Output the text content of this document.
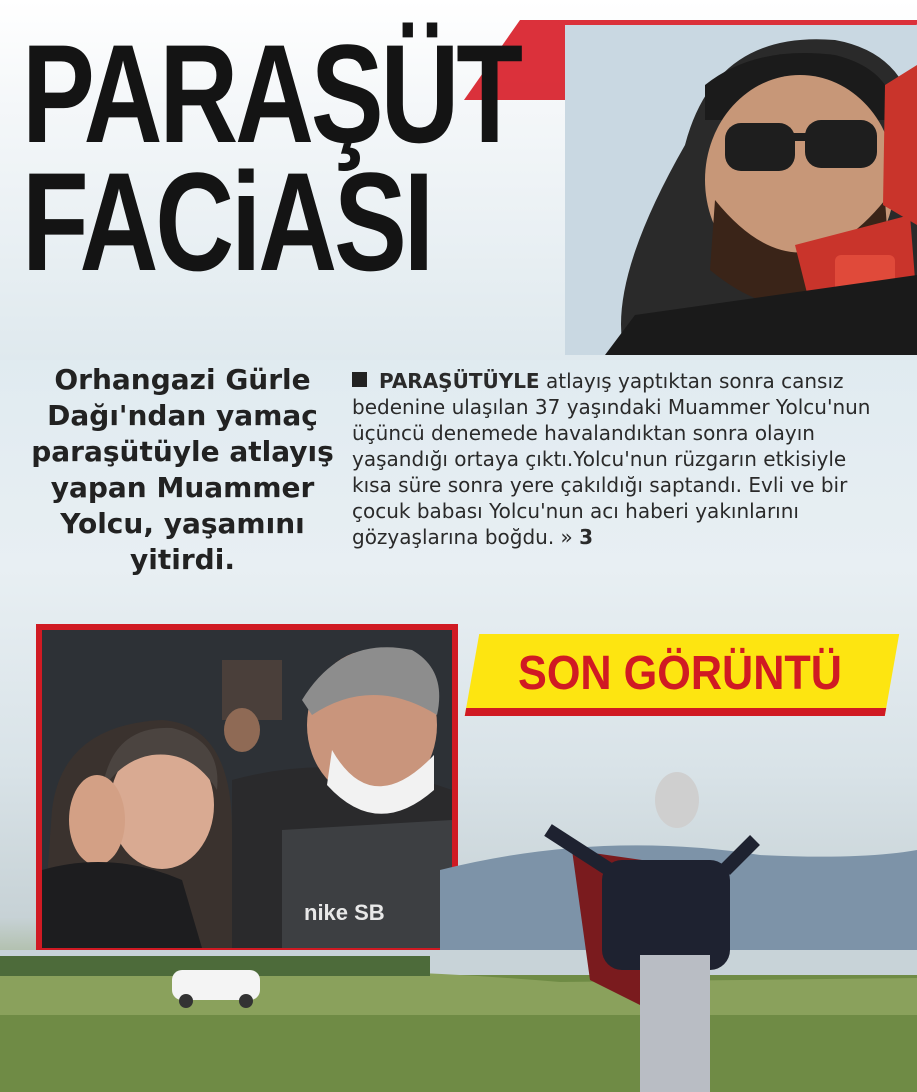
PARAŞÜT
FACiASI
Orhangazi Gürle Dağı'ndan yamaç paraşütüyle atlayış yapan Muammer Yolcu, yaşamını yitirdi.
PARAŞÜTÜYLE atlayış yaptıktan sonra cansız bedenine ulaşılan 37 yaşındaki Muammer Yolcu'nun üçüncü denemede havalandıktan sonra olayın yaşandığı ortaya çıktı.Yolcu'nun rüzgarın etkisiyle kısa süre sonra yere çakıldığı saptandı. Evli ve bir çocuk babası Yolcu'nun acı haberi yakınlarını gözyaşlarına boğdu. » 3
nike SB
SON GÖRÜNTÜ
